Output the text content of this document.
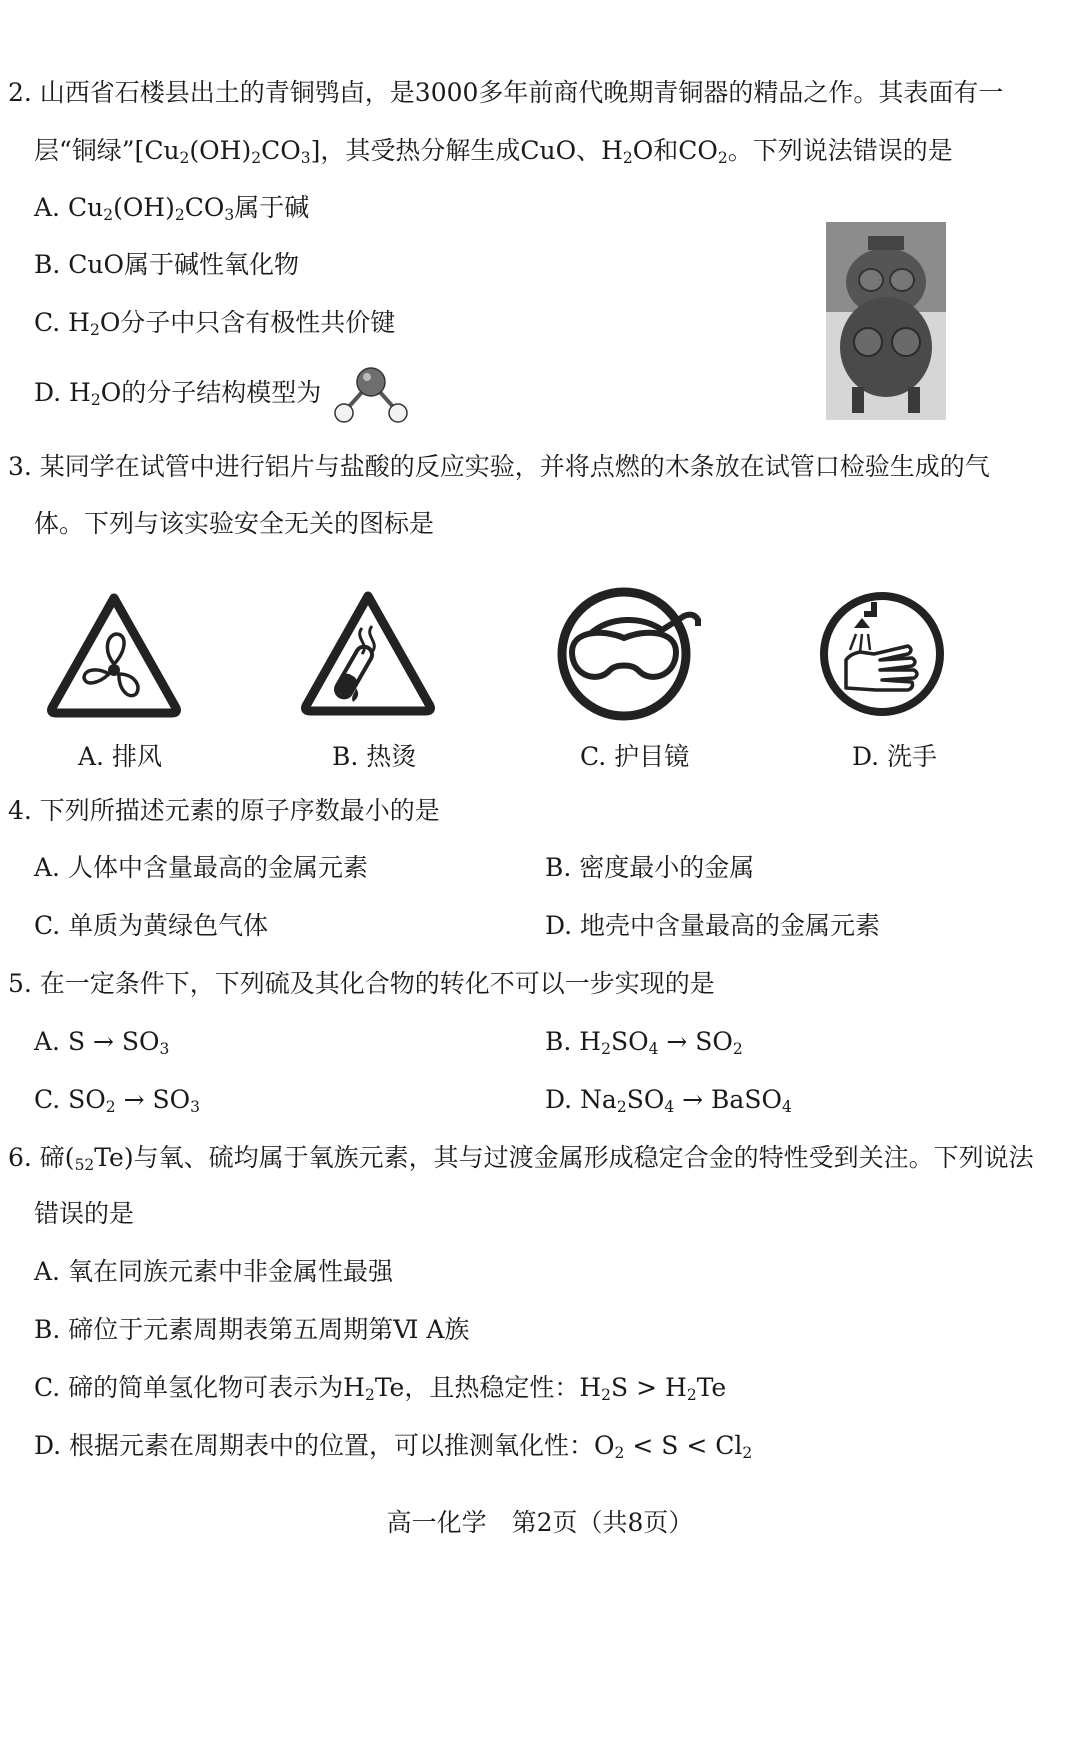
2. 山西省石楼县出土的青铜鸮卣，是3000多年前商代晚期青铜器的精品之作。其表面有一
层“铜绿$”[Cu_2(OH)_2CO_3]$，其受热分解生成CuO、$H_2O$和$CO_2$。下列说法错误的是
A. $Cu_2(OH)_2CO_3$属于碱
B. CuO属于碱性氧化物
C. $H_2O$分子中只含有极性共价键
D. $H_2O$的分子结构模型为
3. 某同学在试管中进行铝片与盐酸的反应实验，并将点燃的木条放在试管口检验生成的气
体。下列与该实验安全无关的图标是
A. 排风	B. 热烫	C. 护目镜	D. 洗手
4. 下列所描述元素的原子序数最小的是
A. 人体中含量最高的金属元素	B. 密度最小的金属
C. 单质为黄绿色气体	D. 地壳中含量最高的金属元素
5. 在一定条件下，下列硫及其化合物的转化不可以一步实现的是
A. $S \to SO_3$	B. $H_2SO_4 \to SO_2$
C. $SO_2 \to SO_3$	D. $Na_2SO_4$ → BaSO$_4$
6. 碲$(_{52}Te)$与氧、硫均属于氧族元素，其与过渡金属形成稳定合金的特性受到关注。下列说法
错误的是
A. 氧在同族元素中非金属性最强
B. 碲位于元素周期表第五周期第Ⅵ A族
C. 碲的简单氢化物可表示为$H_2Te$，且热稳定性：$H_2S > H_2Te$
D. 根据元素在周期表中的位置，可以推测氧化性：$O_2 < S < Cl_2$
高一化学　第2页（共8页）
